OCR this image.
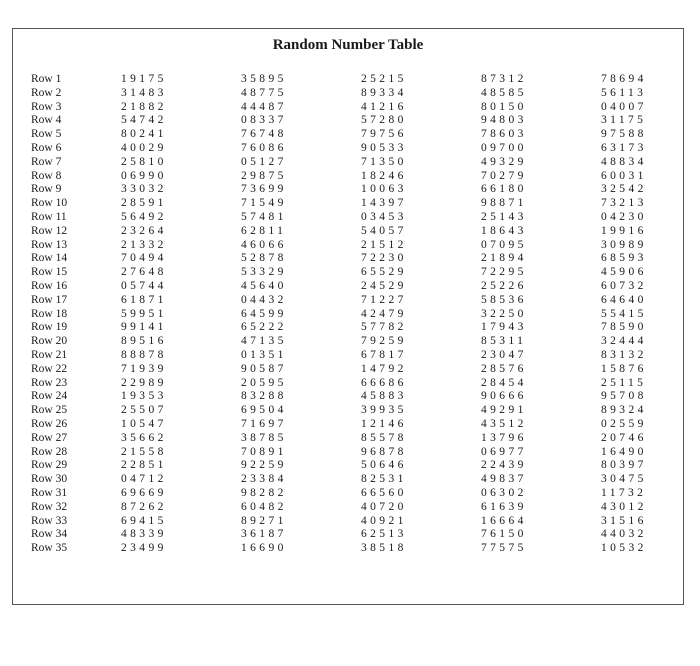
Random Number Table
Row 1	19175	35895	25215	87312	78694
Row 2	31483	48775	89334	48585	56113
Row 3	21882	44487	41216	80150	04007
Row 4	54742	08337	57280	94803	31175
Row 5	80241	76748	79756	78603	97588
Row 6	40029	76086	90533	09700	63173
Row 7	25810	05127	71350	49329	48834
Row 8	06990	29875	18246	70279	60031
Row 9	33032	73699	10063	66180	32542
Row 10	28591	71549	14397	98871	73213
Row 11	56492	57481	03453	25143	04230
Row 12	23264	62811	54057	18643	19916
Row 13	21332	46066	21512	07095	30989
Row 14	70494	52878	72230	21894	68593
Row 15	27648	53329	65529	72295	45906
Row 16	05744	45640	24529	25226	60732
Row 17	61871	04432	71227	58536	64640
Row 18	59951	64599	42479	32250	55415
Row 19	99141	65222	57782	17943	78590
Row 20	89516	47135	79259	85311	32444
Row 21	88878	01351	67817	23047	83132
Row 22	71939	90587	14792	28576	15876
Row 23	22989	20595	66686	28454	25115
Row 24	19353	83288	45883	90666	95708
Row 25	25507	69504	39935	49291	89324
Row 26	10547	71697	12146	43512	02559
Row 27	35662	38785	85578	13796	20746
Row 28	21558	70891	96878	06977	16490
Row 29	22851	92259	50646	22439	80397
Row 30	04712	23384	82531	49837	30475
Row 31	69669	98282	66560	06302	11732
Row 32	87262	60482	40720	61639	43012
Row 33	69415	89271	40921	16664	31516
Row 34	48339	36187	62513	76150	44032
Row 35	23499	16690	38518	77575	10532
